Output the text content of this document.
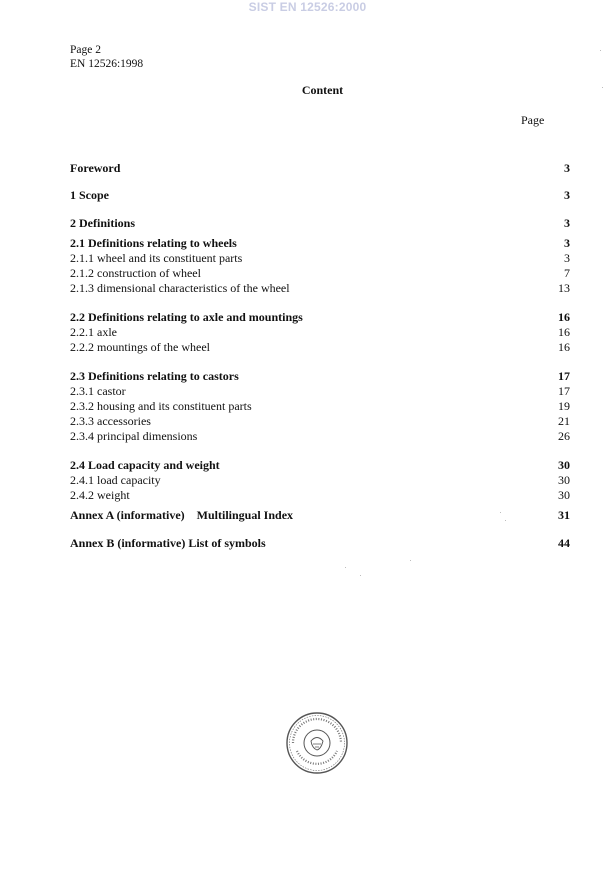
SIST EN 12526:2000
Page 2
EN 12526:1998
Content
Page
Foreword	3
1 Scope	3
2 Definitions	3
2.1 Definitions relating to wheels	3
2.1.1 wheel and its constituent parts	3
2.1.2 construction of wheel	7
2.1.3 dimensional characteristics of the wheel	13
2.2 Definitions relating to axle and mountings	16
2.2.1 axle	16
2.2.2 mountings of the wheel	16
2.3 Definitions relating to castors	17
2.3.1 castor	17
2.3.2 housing and its constituent parts	19
2.3.3 accessories	21
2.3.4 principal dimensions	26
2.4 Load capacity and weight	30
2.4.1 load capacity	30
2.4.2 weight	30
Annex A (informative)    Multilingual Index	31
Annex B (informative) List of symbols	44
